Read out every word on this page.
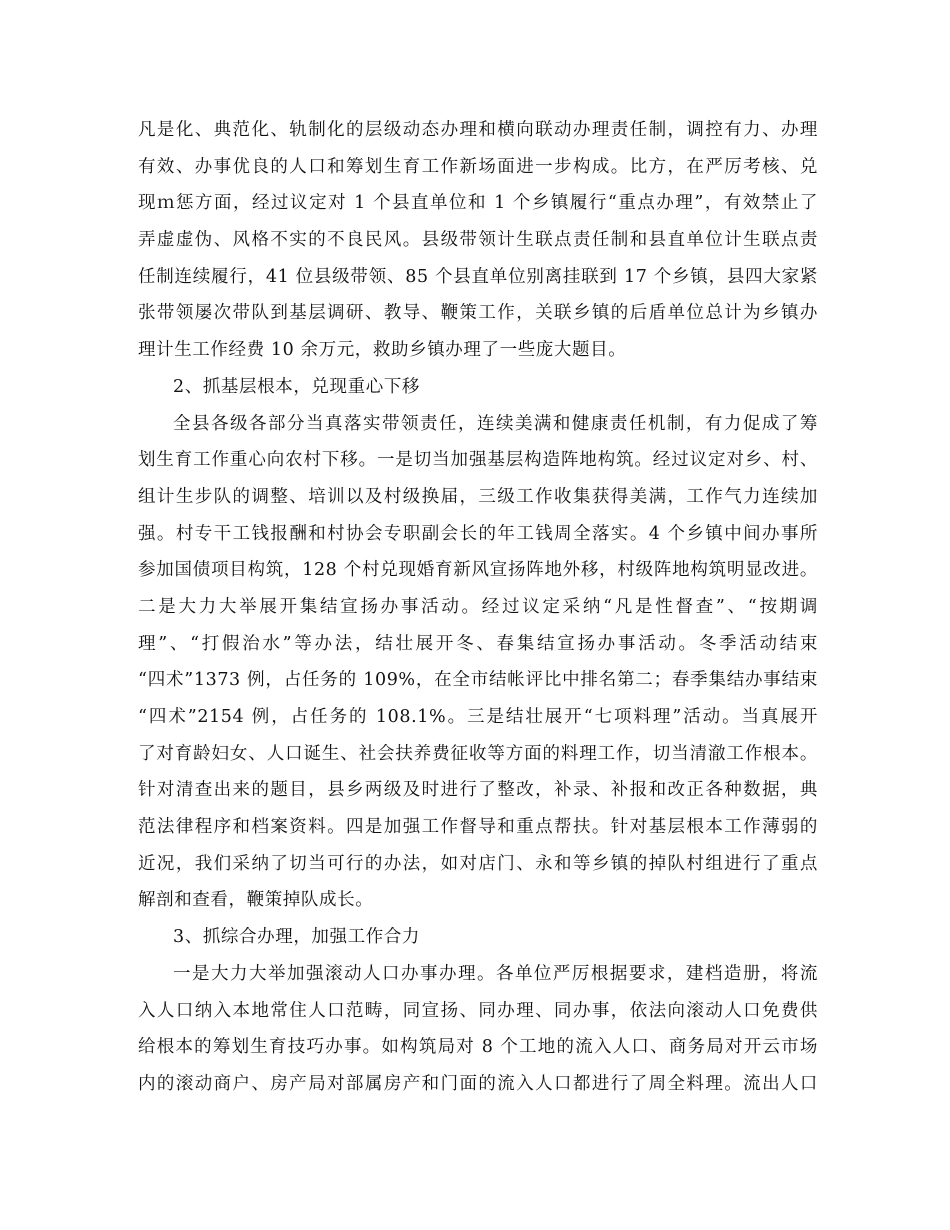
凡是化、典范化、轨制化的层级动态办理和横向联动办理责任制，调控有力、办理
有效、办事优良的人口和筹划生育工作新场面进一步构成。比方，在严厉考核、兑
现ｍ惩方面，经过议定对 1 个县直单位和 1 个乡镇履行“重点办理”，有效禁止了
弄虚虚伪、风格不实的不良民风。县级带领计生联点责任制和县直单位计生联点责
任制连续履行，41 位县级带领、85 个县直单位别离挂联到 17 个乡镇，县四大家紧
张带领屡次带队到基层调研、教导、鞭策工作，关联乡镇的后盾单位总计为乡镇办
理计生工作经费 10 余万元，救助乡镇办理了一些庞大题目。
2、抓基层根本，兑现重心下移
全县各级各部分当真落实带领责任，连续美满和健康责任机制，有力促成了筹
划生育工作重心向农村下移。一是切当加强基层构造阵地构筑。经过议定对乡、村、
组计生步队的调整、培训以及村级换届，三级工作收集获得美满，工作气力连续加
强。村专干工钱报酬和村协会专职副会长的年工钱周全落实。4 个乡镇中间办事所
参加国债项目构筑，128 个村兑现婚育新风宣扬阵地外移，村级阵地构筑明显改进。
二是大力大举展开集结宣扬办事活动。经过议定采纳“凡是性督查”、“按期调
理”、“打假治水”等办法，结壮展开冬、春集结宣扬办事活动。冬季活动结束
“四术”1373 例，占任务的 109%，在全市结帐评比中排名第二；春季集结办事结束
“四术”2154 例，占任务的 108.1%。三是结壮展开“七项料理”活动。当真展开
了对育龄妇女、人口诞生、社会扶养费征收等方面的料理工作，切当清澈工作根本。
针对清查出来的题目，县乡两级及时进行了整改，补录、补报和改正各种数据，典
范法律程序和档案资料。四是加强工作督导和重点帮扶。针对基层根本工作薄弱的
近况，我们采纳了切当可行的办法，如对店门、永和等乡镇的掉队村组进行了重点
解剖和查看，鞭策掉队成长。
3、抓综合办理，加强工作合力
一是大力大举加强滚动人口办事办理。各单位严厉根据要求，建档造册，将流
入人口纳入本地常住人口范畴，同宣扬、同办理、同办事，依法向滚动人口免费供
给根本的筹划生育技巧办事。如构筑局对 8 个工地的流入人口、商务局对开云市场
内的滚动商户、房产局对部属房产和门面的流入人口都进行了周全料理。流出人口
